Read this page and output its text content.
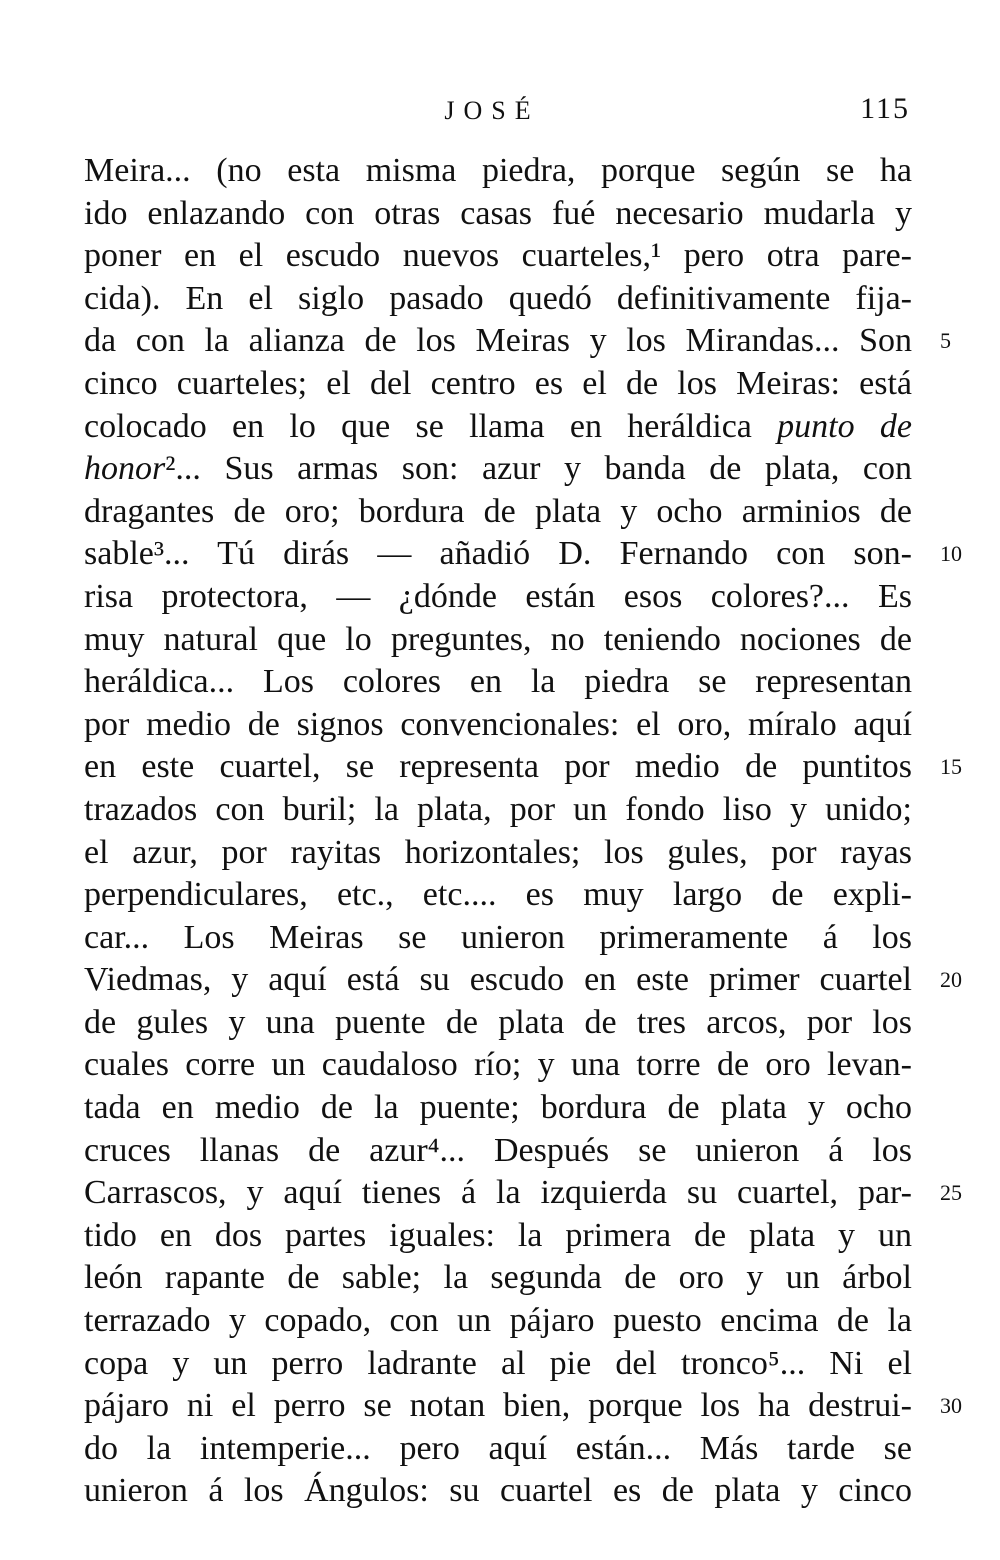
JOSÉ	115
Meira... (no esta misma piedra, porque según se ha
ido enlazando con otras casas fué necesario mudarla y
poner en el escudo nuevos cuarteles,¹ pero otra pare-
cida). En el siglo pasado quedó definitivamente fija-
da con la alianza de los Meiras y los Mirandas... Son
cinco cuarteles; el del centro es el de los Meiras: está
colocado en lo que se llama en heráldica punto de
honor²... Sus armas son: azur y banda de plata, con
dragantes de oro; bordura de plata y ocho arminios de
sable³... Tú dirás — añadió D. Fernando con son-
risa protectora, — ¿dónde están esos colores?... Es
muy natural que lo preguntes, no teniendo nociones de
heráldica... Los colores en la piedra se representan
por medio de signos convencionales: el oro, míralo aquí
en este cuartel, se representa por medio de puntitos
trazados con buril; la plata, por un fondo liso y unido;
el azur, por rayitas horizontales; los gules, por rayas
perpendiculares, etc., etc.... es muy largo de expli-
car... Los Meiras se unieron primeramente á los
Viedmas, y aquí está su escudo en este primer cuartel
de gules y una puente de plata de tres arcos, por los
cuales corre un caudaloso río; y una torre de oro levan-
tada en medio de la puente; bordura de plata y ocho
cruces llanas de azur⁴... Después se unieron á los
Carrascos, y aquí tienes á la izquierda su cuartel, par-
tido en dos partes iguales: la primera de plata y un
león rapante de sable; la segunda de oro y un árbol
terrazado y copado, con un pájaro puesto encima de la
copa y un perro ladrante al pie del tronco⁵... Ni el
pájaro ni el perro se notan bien, porque los ha destrui-
do la intemperie... pero aquí están... Más tarde se
unieron á los Ángulos: su cuartel es de plata y cinco
5
10
15
20
25
30
